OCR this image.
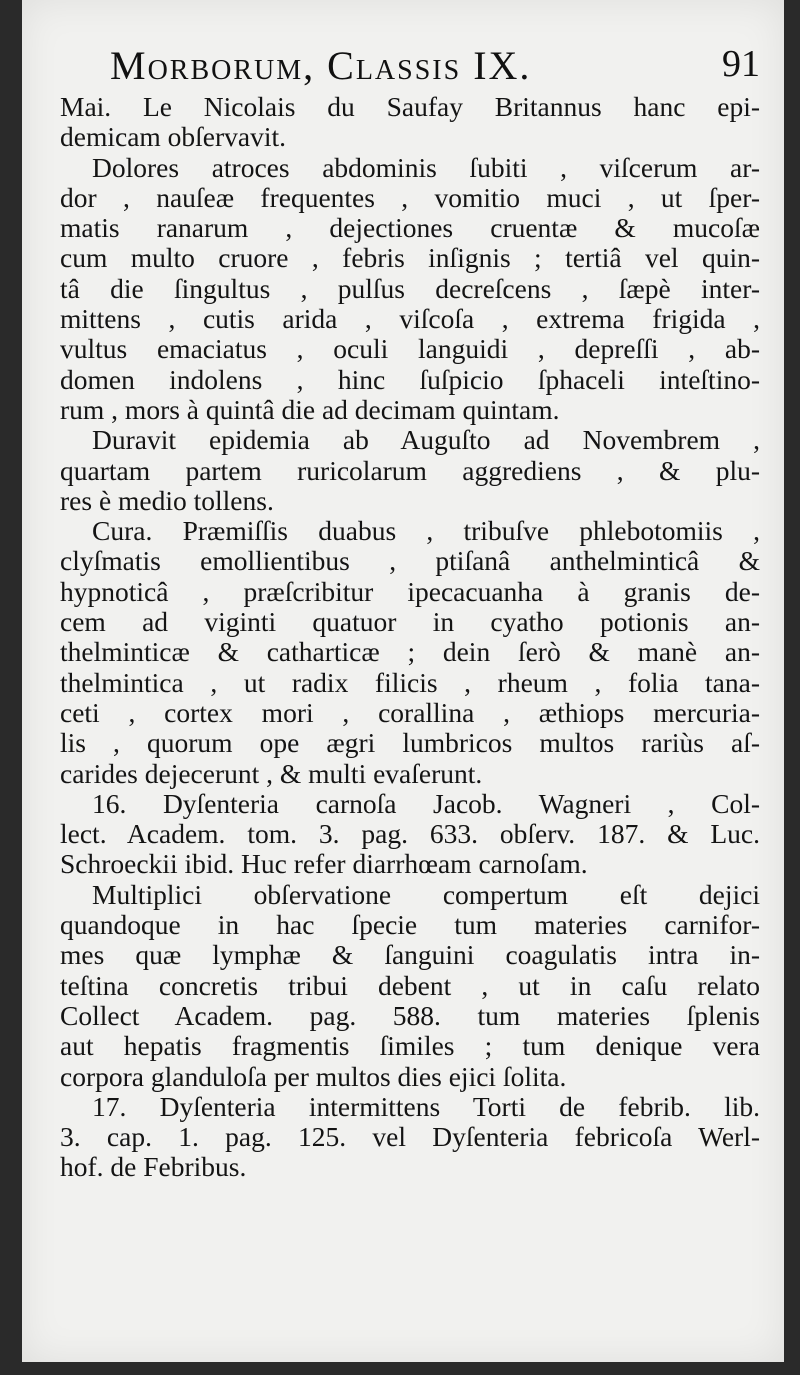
Morborum, Classis IX.	91
Mai. Le Nicolais du Saufay Britannus hanc epi-
demicam obſervavit.
Dolores atroces abdominis ſubiti , viſcerum ar-
dor , nauſeæ frequentes , vomitio muci , ut ſper-
matis ranarum , dejectiones cruentæ & mucoſæ
cum multo cruore , febris inſignis ; tertiâ vel quin-
tâ die ſingultus , pulſus decreſcens , ſæpè inter-
mittens , cutis arida , viſcoſa , extrema frigida ,
vultus emaciatus , oculi languidi , depreſſi , ab-
domen indolens , hinc ſuſpicio ſphaceli inteſtino-
rum , mors à quintâ die ad decimam quintam.
Duravit epidemia ab Auguſto ad Novembrem ,
quartam partem ruricolarum aggrediens , & plu-
res è medio tollens.
Cura. Præmiſſis duabus , tribuſve phlebotomiis ,
clyſmatis emollientibus , ptiſanâ anthelminticâ &
hypnoticâ , præſcribitur ipecacuanha à granis de-
cem ad viginti quatuor in cyatho potionis an-
thelminticæ & catharticæ ; dein ſerò & manè an-
thelmintica , ut radix filicis , rheum , folia tana-
ceti , cortex mori , corallina , æthiops mercuria-
lis , quorum ope ægri lumbricos multos rariùs aſ-
carides dejecerunt , & multi evaſerunt.
16. Dyſenteria carnoſa Jacob. Wagneri , Col-
lect. Academ. tom. 3. pag. 633. obſerv. 187. & Luc.
Schroeckii ibid. Huc refer diarrhœam carnoſam.
Multiplici obſervatione compertum eſt dejici
quandoque in hac ſpecie tum materies carnifor-
mes quæ lymphæ & ſanguini coagulatis intra in-
teſtina concretis tribui debent , ut in caſu relato
Collect Academ. pag. 588. tum materies ſplenis
aut hepatis fragmentis ſimiles ; tum denique vera
corpora glandulоſa per multos dies ejici ſolita.
17. Dyſenteria intermittens Torti de febrib. lib.
3. cap. 1. pag. 125. vel Dyſenteria febricoſa Werl-
hof. de Febribus.
